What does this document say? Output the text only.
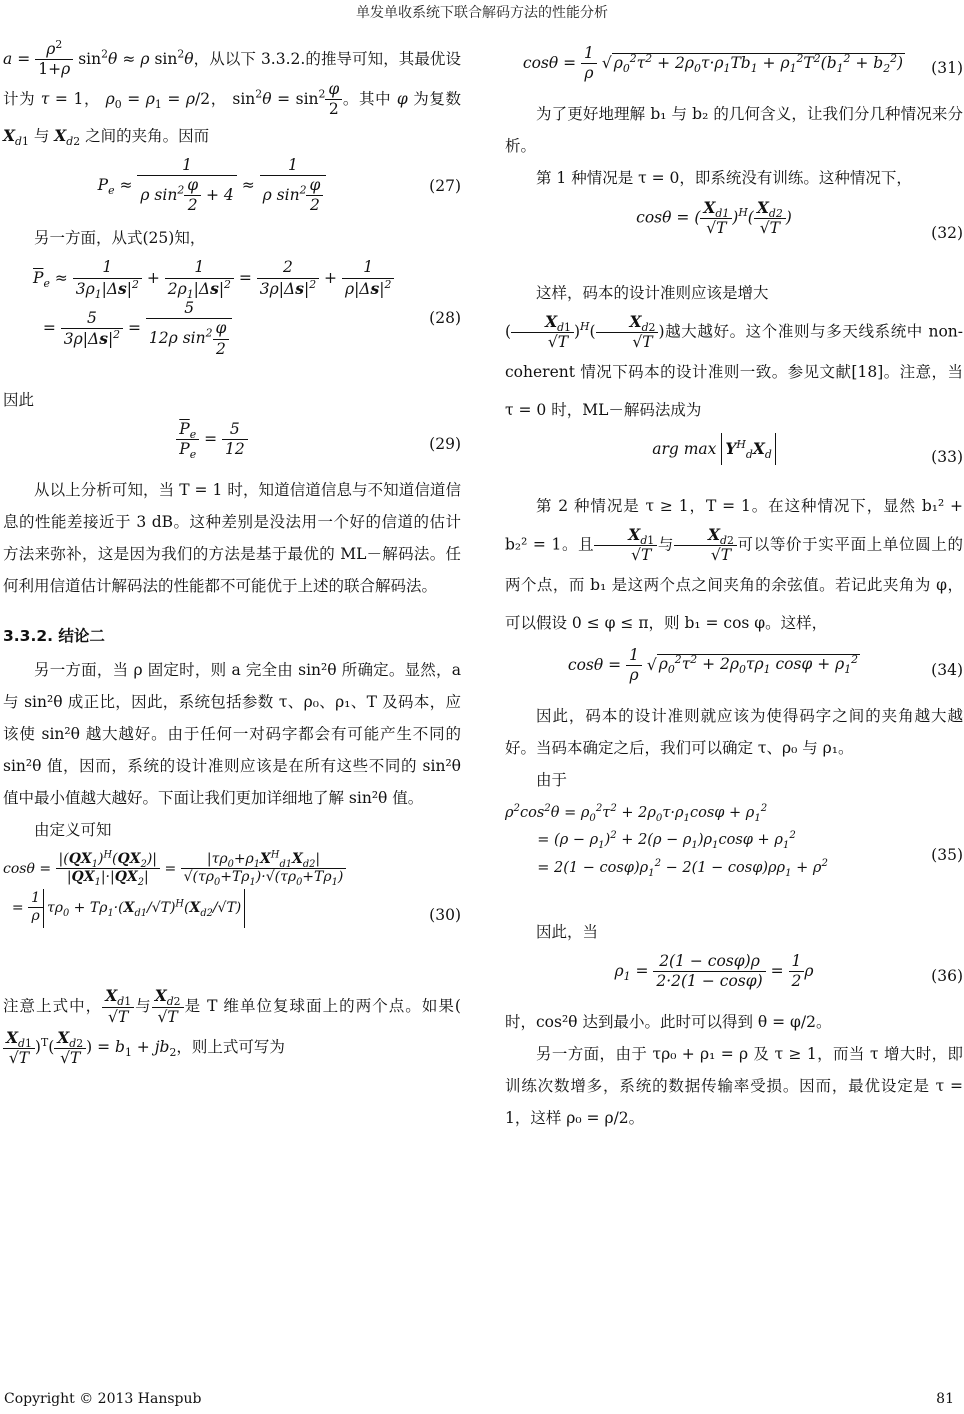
单发单收系统下联合解码方法的性能分析

$a = \frac{\rho^2}{1+\rho} \sin^2\theta \approx \rho$ $\sin^2\theta$，从以下 3.3.2.的推导可知，其最优设计为 τ = 1， $\rho_0 = \rho_1 = \rho/2$， $\sin^2\theta = \sin^2 \frac{\varphi}{2}$ 。其中 φ 为复数 $X_{d1}$ 与 $X_{d2}$ 之间的夹角。因而

$P_e \approx \frac{1}{\rho \sin^2 \frac{\varphi}{2} + 4} \approx \frac{1}{\rho \sin^2 \frac{\varphi}{2}}$	(27)

另一方面，从式(25)知，

$\overline{P}_e \approx \frac{1}{3\rho_1|\Delta s|^2} + \frac{1}{2\rho_1|\Delta s|^2} = \frac{2}{3\rho|\Delta s|^2} + \frac{1}{\rho|\Delta s|^2}$

= $\frac{5}{3\rho|\Delta s|^2} = \frac{5}{12\rho \sin^2 \frac{\varphi}{2}}$	(28)

因此

$\frac{\overline{P}_e}{P_e} = \frac{5}{12}$	(29)

从以上分析可知，当 T = 1 时，知道信道信息与不知道信道信息的性能差接近于 3 dB。这种差别是没法用一个好的信道的估计方法来弥补，这是因为我们的方法是基于最优的 ML－解码法。任何利用信道估计解码法的性能都不可能优于上述的联合解码法。

3.3.2. 结论二

另一方面，当 ρ 固定时，则 a 完全由 sin²θ 所确定。显然，a 与 sin²θ 成正比，因此，系统包括参数 τ、ρ₀、ρ₁、T 及码本，应该使 sin²θ 越大越好。由于任何一对码字都会有可能产生不同的 sin²θ 值，因而，系统的设计准则应该是在所有这些不同的 sin²θ 值中最小值越大越好。下面让我们更加详细地了解 sin²θ 值。

由定义可知

$\cos\theta = \frac{|(QX_1)^H(QX_2)|}{|QX_1|\cdot|QX_2|} = \frac{|\tau\rho_0+\rho_1X^H_{d1}X_{d2}|}{√(\tau\rho_0+T\rho_1)\cdot√(\tau\rho_0+T\rho_1)}$

= $\frac{1}{\rho} \tau\rho_0 + T\rho_1\cdot(X_{d1}/√T)^H(X_{d2}/√T)$	(30)

注意上式中， $\frac{X_{d1}}{√T}$ 与 $\frac{X_{d2}}{√T}$ 是 T 维单位复球面上的两个点。如果(
$\frac{X_{d1}}{√T} )^T( \frac{X_{d2}}{√T}$ ) = $b_1 + jb_2$，则上式可写为

$\cos\theta = \frac{1}{\rho}$ √ $\rho_0^2\tau^2 + 2\rho_0\tau\cdot\rho_1Tb_1 + \rho_1^2T^2(b_1^2 + b_2^2)$	(31)

为了更好地理解 b₁ 与 b₂ 的几何含义，让我们分几种情况来分析。

第 1 种情况是 τ = 0，即系统没有训练。这种情况下，

cosθ = ( $\frac{X_{d1}}{√T} )^H( \frac{X_{d2}}{√T}$ )
(32)

这样，码本的设计准则应该是增大
( $\frac{X_{d1}}{√T} )^H( \frac{X_{d2}}{√T}$ )越大越好。这个准则与多天线系统中 non-coherent 情况下码本的设计准则一致。参见文献[18]。注意，当 τ = 0 时，ML－解码法成为

arg $\max Y^H_dX_d$	(33)

第 2 种情况是 τ ≥ 1，T = 1。在这种情况下，显然 b₁² + b₂² = 1。且 $\frac{X_{d1}}{√T}$ 与 $\frac{X_{d2}}{√T}$ 可以等价于实平面上单位圆上的两个点，而 b₁ 是这两个点之间夹角的余弦值。若记此夹角为 φ，可以假设 0 ≤ φ ≤ π，则 b₁ = cos φ。这样，

$\cos\theta = \frac{1}{\rho}$ √ $\rho_0^2\tau^2 + 2\rho_0\tau\rho_1$ $\cos\varphi + \rho_1^2$
(34)

因此，码本的设计准则就应该为使得码字之间的夹角越大越好。当码本确定之后，我们可以确定 τ、ρ₀ 与 ρ₁。

由于

$\rho^2\cos^2\theta = \rho_0^2\tau^2 + 2\rho_0\tau\cdot\rho_1\cos\varphi + \rho_1^2$
= $(\rho - \rho_1)^2 + 2(\rho - \rho_1)\rho_1\cos\varphi + \rho_1^2$
= $2(1 - \cos\varphi)\rho_1^2 - 2(1 - \cos\varphi)\rho\rho_1 + \rho^2$	(35)

因此，当

$\rho_1 = \frac{2(1 - \cos\varphi)\rho}{2\cdot 2(1 - \cos\varphi)} = \frac{1}{2}$ ρ	(36)

时，cos²θ 达到最小。此时可以得到 θ = φ/2。

另一方面，由于 τρ₀ + ρ₁ = ρ 及 τ ≥ 1，而当 τ 增大时，即训练次数增多，系统的数据传输率受损。因而，最优设定是 τ = 1，这样 ρ₀ = ρ/2。

Copyright © 2013 Hanspub	81
